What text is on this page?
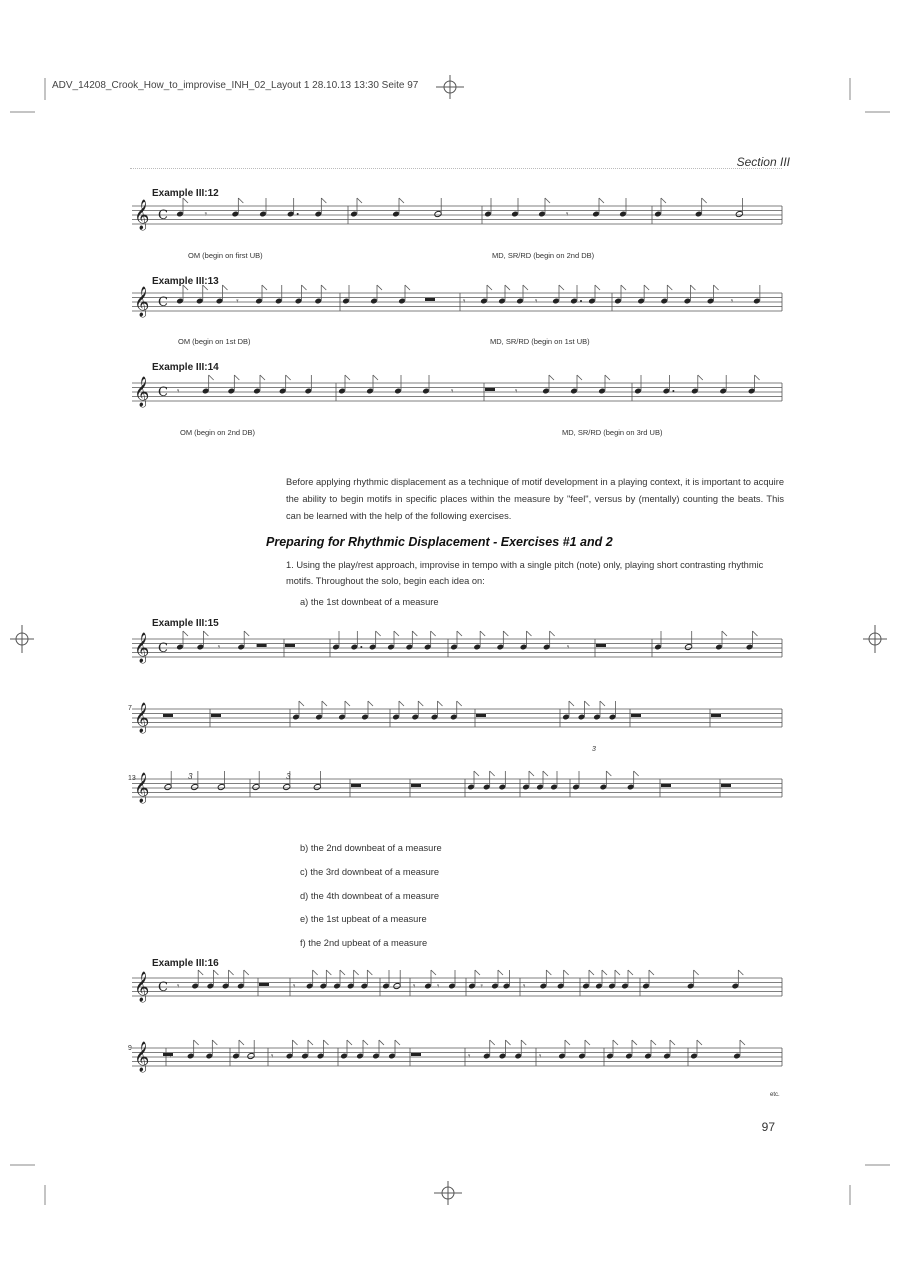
ADV_14208_Crook_How_to_improvise_INH_02_Layout 1 28.10.13 13:30 Seite 97
Section III
Example III:12
OM (begin on first UB)	MD, SR/RD (begin on 2nd DB)
Example III:13
OM (begin on 1st DB)	MD, SR/RD (begin on 1st UB)
Example III:14
OM (begin on 2nd DB)	MD, SR/RD (begin on 3rd UB)
Before applying rhythmic displacement as a technique of motif development in a playing context, it is important to acquire the ability to begin motifs in specific places within the measure by "feel", versus by (mentally) counting the beats. This can be learned with the help of the following exercises.
Preparing for Rhythmic Displacement - Exercises #1 and 2
1. Using the play/rest approach, improvise in tempo with a single pitch (note) only, playing short contrasting rhythmic motifs. Throughout the solo, begin each idea on:
a) the 1st downbeat of a measure
Example III:15
7
13	3	3
3
b) the 2nd downbeat of a measure
c) the 3rd downbeat of a measure
d) the 4th downbeat of a measure
e) the 1st upbeat of a measure
f) the 2nd upbeat of a measure
Example III:16
9
etc.
97
𝄞 C	𝄾	𝄾
𝄞 C	𝄾	𝄾	𝄾	𝄾
𝄞 C 𝄾	𝄾	𝄾
𝄞 C	𝄾	𝄾
𝄞
𝄞
𝄞 C 𝄾	𝄾	𝄾 𝄾	𝄾	𝄾
𝄞 𝄾	𝄾	𝄾	𝄾
